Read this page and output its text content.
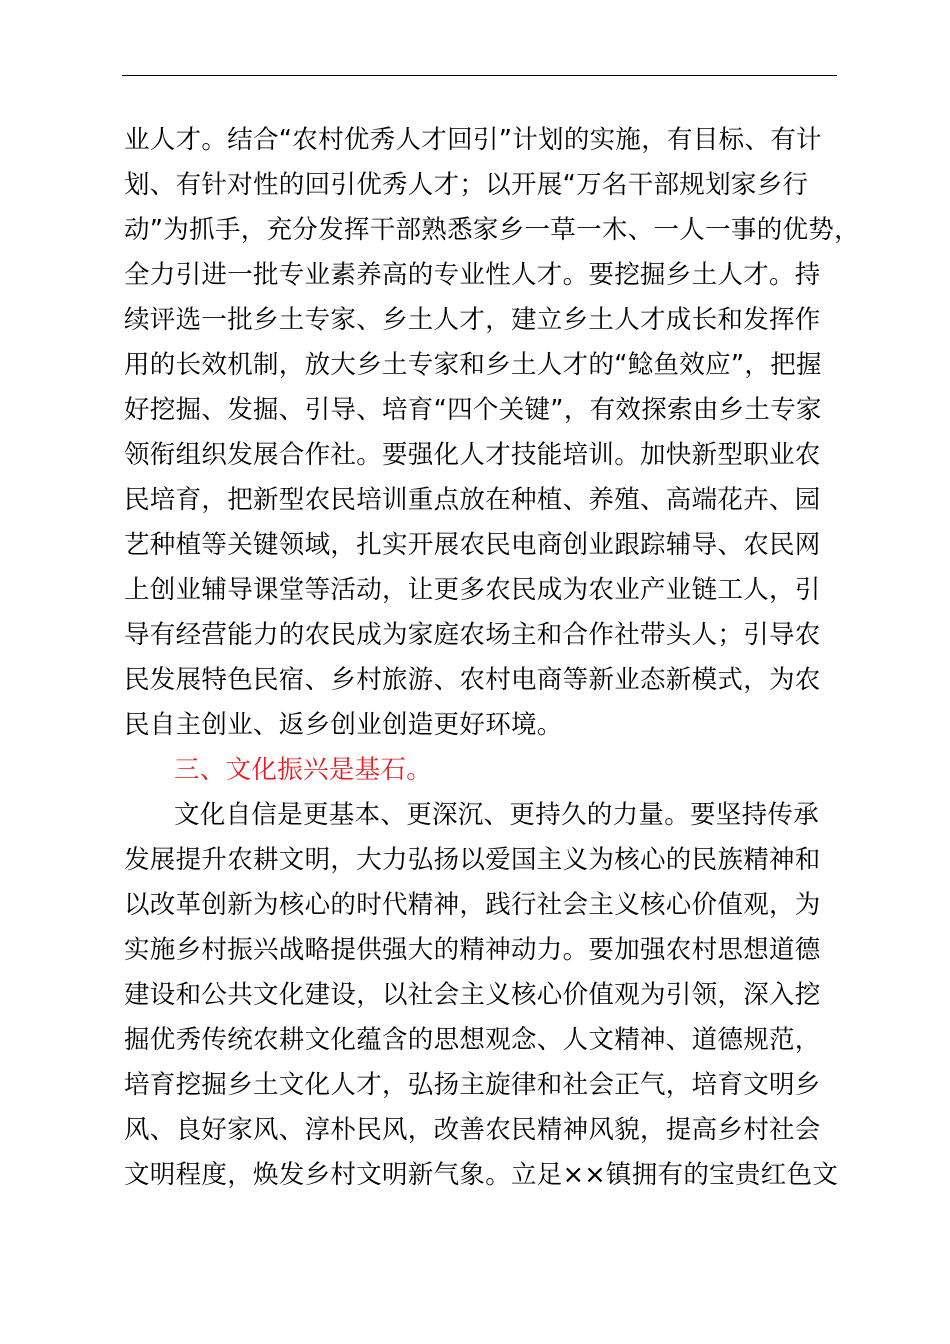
业人才。结合“农村优秀人才回引”计划的实施，有目标、有计
划、有针对性的回引优秀人才；以开展“万名干部规划家乡行
动”为抓手，充分发挥干部熟悉家乡一草一木、一人一事的优势，
全力引进一批专业素养高的专业性人才。要挖掘乡土人才。持
续评选一批乡土专家、乡土人才，建立乡土人才成长和发挥作
用的长效机制，放大乡土专家和乡土人才的“鲶鱼效应”，把握
好挖掘、发掘、引导、培育“四个关键”，有效探索由乡土专家
领衔组织发展合作社。要强化人才技能培训。加快新型职业农
民培育，把新型农民培训重点放在种植、养殖、高端花卉、园
艺种植等关键领域，扎实开展农民电商创业跟踪辅导、农民网
上创业辅导课堂等活动，让更多农民成为农业产业链工人，引
导有经营能力的农民成为家庭农场主和合作社带头人；引导农
民发展特色民宿、乡村旅游、农村电商等新业态新模式，为农
民自主创业、返乡创业创造更好环境。
三、文化振兴是基石。
文化自信是更基本、更深沉、更持久的力量。要坚持传承
发展提升农耕文明，大力弘扬以爱国主义为核心的民族精神和
以改革创新为核心的时代精神，践行社会主义核心价值观，为
实施乡村振兴战略提供强大的精神动力。要加强农村思想道德
建设和公共文化建设，以社会主义核心价值观为引领，深入挖
掘优秀传统农耕文化蕴含的思想观念、人文精神、道德规范，
培育挖掘乡土文化人才，弘扬主旋律和社会正气，培育文明乡
风、良好家风、淳朴民风，改善农民精神风貌，提高乡村社会
文明程度，焕发乡村文明新气象。立足××镇拥有的宝贵红色文
